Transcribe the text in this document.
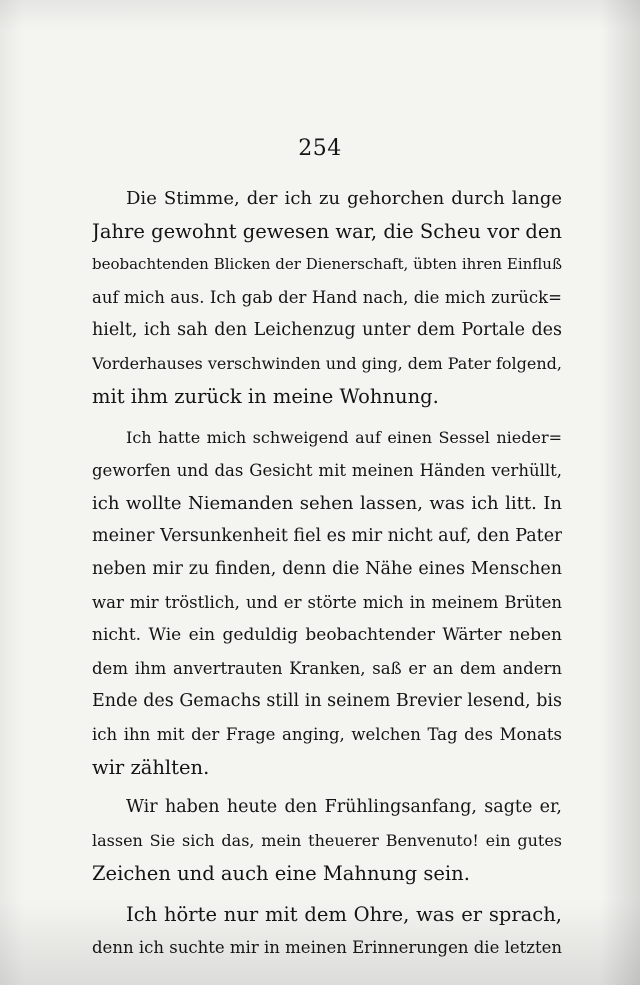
254
Die Stimme, der ich zu gehorchen durch lange
Jahre gewohnt gewesen war, die Scheu vor den
beobachtenden Blicken der Dienerschaft, übten ihren Einfluß
auf mich aus. Ich gab der Hand nach, die mich zurück=
hielt, ich sah den Leichenzug unter dem Portale des
Vorderhauses verschwinden und ging, dem Pater folgend,
mit ihm zurück in meine Wohnung.
Ich hatte mich schweigend auf einen Sessel nieder=
geworfen und das Gesicht mit meinen Händen verhüllt,
ich wollte Niemanden sehen lassen, was ich litt. In
meiner Versunkenheit fiel es mir nicht auf, den Pater
neben mir zu finden, denn die Nähe eines Menschen
war mir tröstlich, und er störte mich in meinem Brüten
nicht. Wie ein geduldig beobachtender Wärter neben
dem ihm anvertrauten Kranken, saß er an dem andern
Ende des Gemachs still in seinem Brevier lesend, bis
ich ihn mit der Frage anging, welchen Tag des Monats
wir zählten.
Wir haben heute den Frühlingsanfang, sagte er,
lassen Sie sich das, mein theuerer Benvenuto! ein gutes
Zeichen und auch eine Mahnung sein.
Ich hörte nur mit dem Ohre, was er sprach,
denn ich suchte mir in meinen Erinnerungen die letzten
